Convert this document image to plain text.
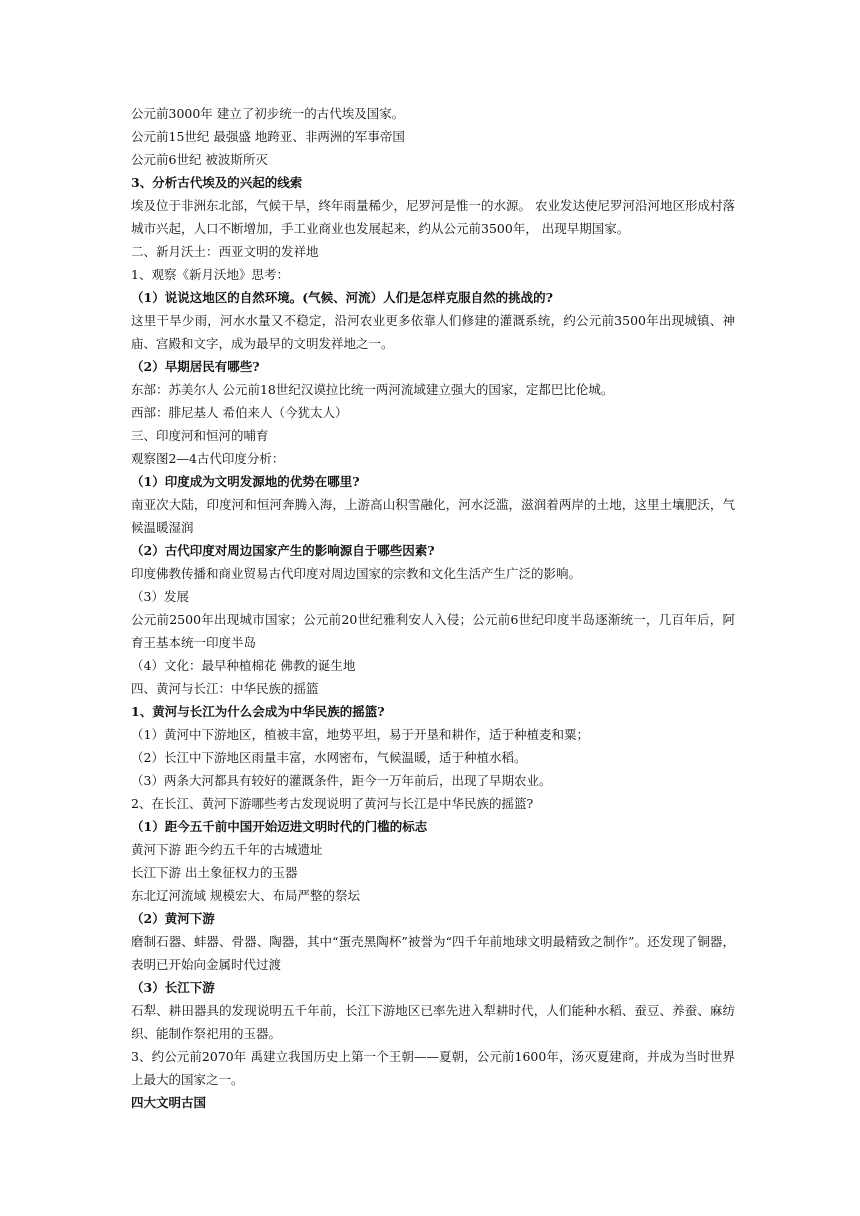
公元前3000年 建立了初步统一的古代埃及国家。
公元前15世纪 最强盛 地跨亚、非两洲的军事帝国
公元前6世纪 被波斯所灭
3、分析古代埃及的兴起的线索
埃及位于非洲东北部，气候干旱，终年雨量稀少，尼罗河是惟一的水源。 农业发达使尼罗河沿河地区形成村落城市兴起，人口不断增加，手工业商业也发展起来，约从公元前3500年， 出现早期国家。
二、新月沃土：西亚文明的发祥地
1、观察《新月沃地》思考：
（1）说说这地区的自然环境。(气候、河流）人们是怎样克服自然的挑战的?
这里干旱少雨，河水水量又不稳定，沿河农业更多依靠人们修建的灌溉系统，约公元前3500年出现城镇、神庙、宫殿和文字，成为最早的文明发祥地之一。
（2）早期居民有哪些?
东部：苏美尔人 公元前18世纪汉谟拉比统一两河流域建立强大的国家，定都巴比伦城。
西部：腓尼基人 希伯来人（今犹太人）
三、印度河和恒河的哺育
观察图2—4古代印度分析：
（1）印度成为文明发源地的优势在哪里?
南亚次大陆，印度河和恒河奔腾入海，上游高山积雪融化，河水泛滥，滋润着两岸的土地，这里土壤肥沃，气候温暖湿润
（2）古代印度对周边国家产生的影响源自于哪些因素?
印度佛教传播和商业贸易古代印度对周边国家的宗教和文化生活产生广泛的影响。
（3）发展
公元前2500年出现城市国家；公元前20世纪雅利安人入侵；公元前6世纪印度半岛逐渐统一，几百年后，阿育王基本统一印度半岛
（4）文化：最早种植棉花 佛教的诞生地
四、黄河与长江：中华民族的摇篮
1、黄河与长江为什么会成为中华民族的摇篮?
（1）黄河中下游地区，植被丰富，地势平坦，易于开垦和耕作，适于种植麦和粟；
（2）长江中下游地区雨量丰富，水网密布，气候温暖，适于种植水稻。
（3）两条大河都具有较好的灌溉条件，距今一万年前后，出现了早期农业。
2、在长江、黄河下游哪些考古发现说明了黄河与长江是中华民族的摇篮?
（1）距今五千前中国开始迈进文明时代的门槛的标志
黄河下游 距今约五千年的古城遗址
长江下游 出土象征权力的玉器
东北辽河流域 规模宏大、布局严整的祭坛
（2）黄河下游
磨制石器、蚌器、骨器、陶器，其中“蛋壳黑陶杯”被誉为“四千年前地球文明最精致之制作”。还发现了铜器，表明已开始向金属时代过渡
（3）长江下游
石犁、耕田器具的发现说明五千年前，长江下游地区已率先进入犁耕时代，人们能种水稻、蚕豆、养蚕、麻纺织、能制作祭祀用的玉器。
3、约公元前2070年 禹建立我国历史上第一个王朝——夏朝，公元前1600年，汤灭夏建商，并成为当时世界上最大的国家之一。
四大文明古国
